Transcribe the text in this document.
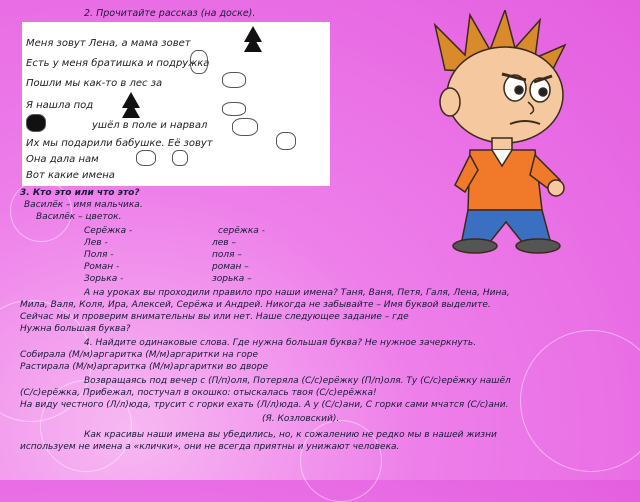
2. Прочитайте рассказ (на доске).
Меня зовут Лена, а мама зовет
Есть у меня братишка и подружка
Пошли мы как-то в лес за
Я нашла под
ушёл в поле и нарвал
Их мы подарили бабушке. Её зовут
Она дала нам
Вот какие имена
3. Кто это или что это?
Василёк – имя мальчика.
Василёк – цветок.
Серёжка -	серёжка -
Лев -	лев –
Поля -	поля –
Роман -	роман –
Зорька -	зорька –
А на уроках вы проходили правило про наши имена? Таня, Ваня, Петя, Галя, Лена, Нина,
Мила, Валя, Коля, Ира, Алексей, Серёжа и Андрей. Никогда не забывайте – Имя буквой выделите.
Сейчас мы и проверим внимательны вы или нет. Наше следующее задание – где
Нужна большая буква?
4. Найдите одинаковые слова. Где нужна большая буква? Не нужное зачеркнуть.
Собирала (М/м)аргаритка (М/м)аргаритки на горе
Растирала (М/м)аргаритка (М/м)аргаритки во дворе
Возвращаясь под вечер с (П/п)оля, Потеряла (С/с)ерёжку (П/п)оля. Ту (С/с)ерёжку нашёл
(С/с)ерёжка, Прибежал, постучал в окошко: отыскалась твоя (С/с)ерёжка!
На виду честного (Л/л)юда, трусит с горки ехать (Л/л)юда. А у (С/с)ани, С горки сами мчатся (С/с)ани.
(Я. Козловский).
Как красивы наши имена вы убедились, но, к сожалению не редко мы в нашей жизни
используем не имена а «клички», они не всегда приятны и унижают человека.
